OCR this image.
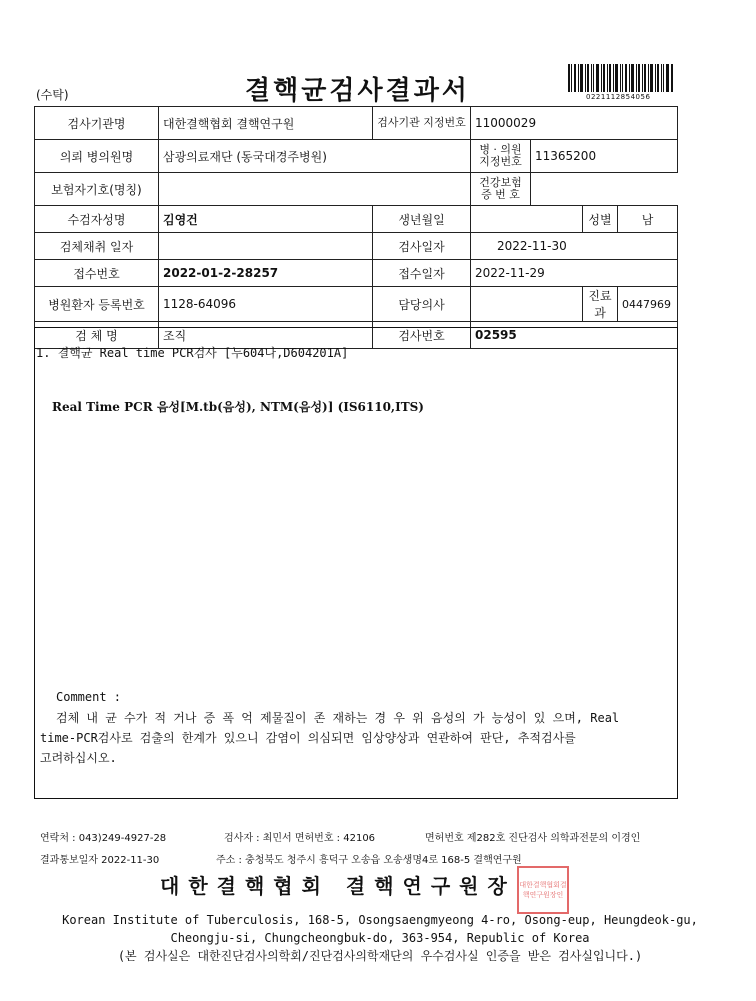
(수탁)	결핵균검사결과서	0221112854056
검사기관명	대한결핵협회 결핵연구원	검사기관 지정번호	11000029			
의뢰 병의원명	삼광의료재단 (동국대경주병원)		병 · 의원 지정번호	11365200		
보험자기호(명칭)			건강보험 증 번 호			
수검자성명	김영건	생년월일			성별	남
검체채취 일자		검사일자	2022-11-30			
접수번호	2022-01-2-28257	접수일자	2022-11-29			
병원환자 등록번호	1128-64096	담당의사			진료과	0447969
검 체 명	조직	검사번호	02595			
1. 결핵균 Real time PCR검사 [누604나,D604201A]
Real Time PCR 음성[M.tb(음성), NTM(음성)] (IS6110,ITS)
Comment :
검체 내 균 수가 적 거나 증 폭 억 제물질이 존 재하는 경 우 위 음성의 가 능성이 있 으며, Real
time-PCR검사로 검출의 한계가 있으니 감염이 의심되면 임상양상과 연관하여 판단, 추적검사를
고려하십시오.
연락처 : 043)249-4927-28	검사자 : 최민서 면허번호 : 42106	면허번호 제282호 진단검사 의학과전문의 이경인
결과통보일자 2022-11-30	주소 : 충청북도 청주시 흥덕구 오송읍 오송생명4로 168-5 결핵연구원
대한결핵협회 결핵연구원장 대한결핵협회결핵연구원장인
Korean Institute of Tuberculosis, 168-5, Osongsaengmyeong 4-ro, Osong-eup, Heungdeok-gu,
Cheongju-si, Chungcheongbuk-do, 363-954, Republic of Korea
(본 검사실은 대한진단검사의학회/진단검사의학재단의 우수검사실 인증을 받은 검사실입니다.)
